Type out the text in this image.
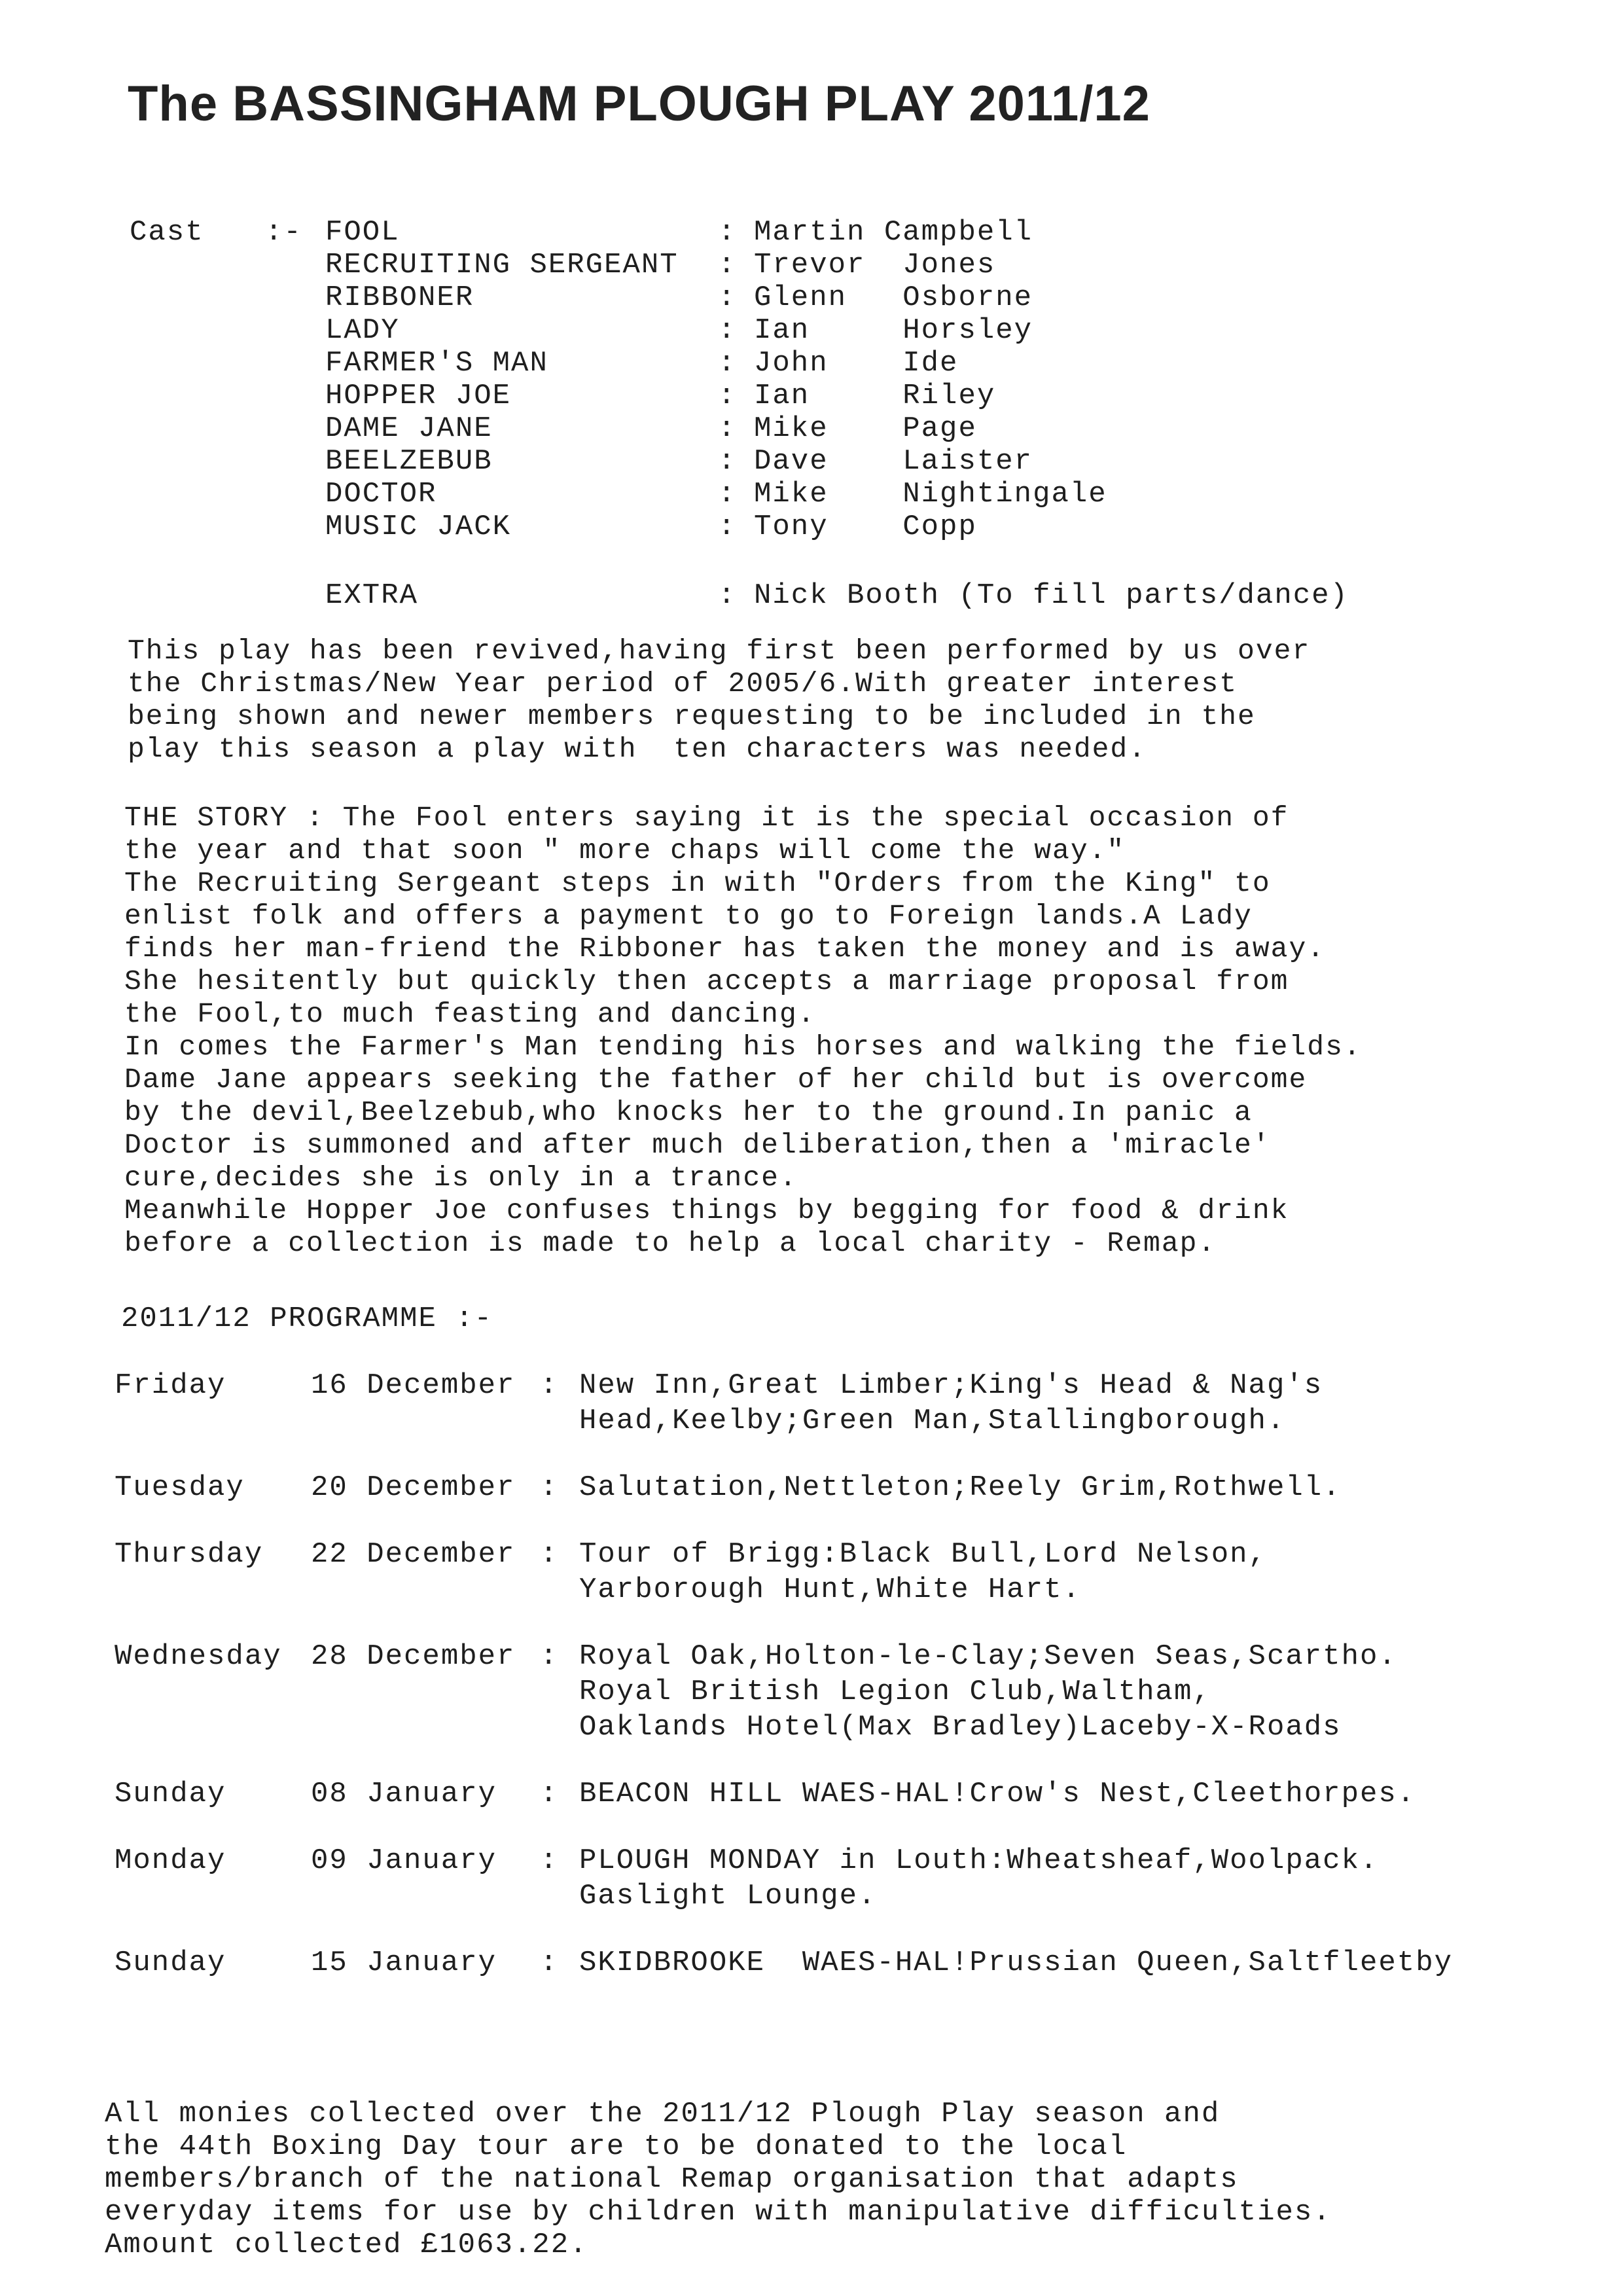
The BASSINGHAM PLOUGH PLAY 2011/12
Cast :- FOOL	: Martin Campbell
RECRUITING SERGEANT	: Trevor  Jones
RIBBONER	: Glenn   Osborne
LADY	: Ian     Horsley
FARMER'S MAN	: John    Ide
HOPPER JOE	: Ian     Riley
DAME JANE	: Mike    Page
BEELZEBUB	: Dave    Laister
DOCTOR	: Mike    Nightingale
MUSIC JACK	: Tony    Copp
EXTRA	: Nick Booth (To fill parts/dance)
This play has been revived,having first been performed by us over
the Christmas/New Year period of 2005/6.With greater interest
being shown and newer members requesting to be included in the
play this season a play with  ten characters was needed.
THE STORY : The Fool enters saying it is the special occasion of
the year and that soon " more chaps will come the way."
The Recruiting Sergeant steps in with "Orders from the King" to
enlist folk and offers a payment to go to Foreign lands.A Lady
finds her man-friend the Ribboner has taken the money and is away.
She hesitently but quickly then accepts a marriage proposal from
the Fool,to much feasting and dancing.
In comes the Farmer's Man tending his horses and walking the fields.
Dame Jane appears seeking the father of her child but is overcome
by the devil,Beelzebub,who knocks her to the ground.In panic a
Doctor is summoned and after much deliberation,then a 'miracle'
cure,decides she is only in a trance.
Meanwhile Hopper Joe confuses things by begging for food & drink
before a collection is made to help a local charity - Remap.
2011/12 PROGRAMME :-
Friday	16 December : New Inn,Great Limber;King's Head & Nag's
Head,Keelby;Green Man,Stallingborough.
Tuesday	20 December : Salutation,Nettleton;Reely Grim,Rothwell.
Thursday	22 December : Tour of Brigg:Black Bull,Lord Nelson,
Yarborough Hunt,White Hart.
Wednesday	28 December : Royal Oak,Holton-le-Clay;Seven Seas,Scartho.
Royal British Legion Club,Waltham,
Oaklands Hotel(Max Bradley)Laceby-X-Roads
Sunday	08 January	: BEACON HILL WAES-HAL!Crow's Nest,Cleethorpes.
Monday	09 January	: PLOUGH MONDAY in Louth:Wheatsheaf,Woolpack.
Gaslight Lounge.
Sunday	15 January	: SKIDBROOKE  WAES-HAL!Prussian Queen,Saltfleetby
All monies collected over the 2011/12 Plough Play season and
the 44th Boxing Day tour are to be donated to the local
members/branch of the national Remap organisation that adapts
everyday items for use by children with manipulative difficulties.
Amount collected £1063.22.
